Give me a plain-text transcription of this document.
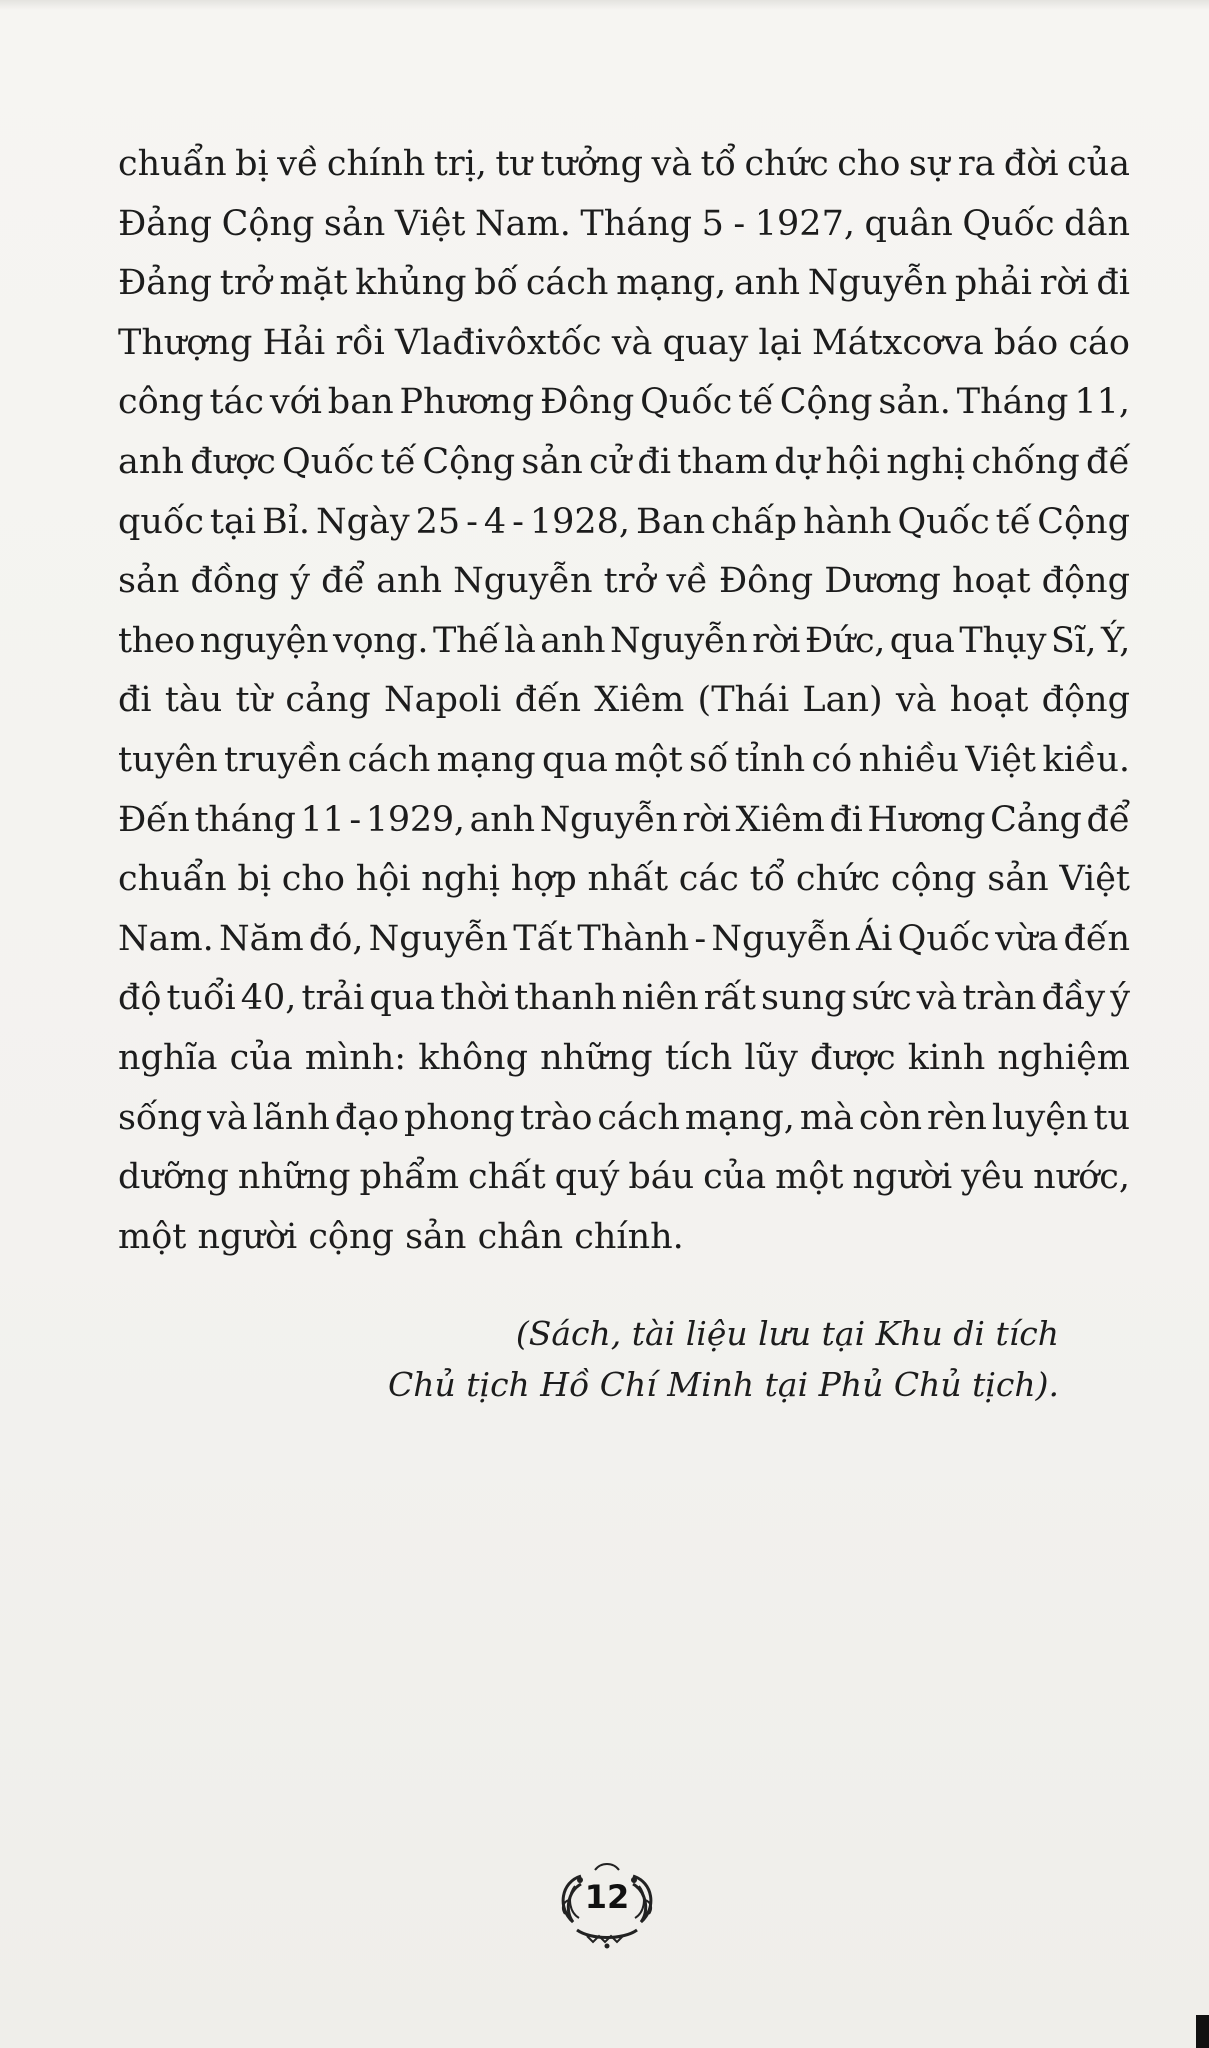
chuẩn bị về chính trị, tư tưởng và tổ chức cho sự ra đời của
Đảng Cộng sản Việt Nam. Tháng 5 - 1927, quân Quốc dân
Đảng trở mặt khủng bố cách mạng, anh Nguyễn phải rời đi
Thượng Hải rồi Vlađivôxtốc và quay lại Mátxcơva báo cáo
công tác với ban Phương Đông Quốc tế Cộng sản. Tháng 11,
anh được Quốc tế Cộng sản cử đi tham dự hội nghị chống đế
quốc tại Bỉ. Ngày 25 - 4 - 1928, Ban chấp hành Quốc tế Cộng
sản đồng ý để anh Nguyễn trở về Đông Dương hoạt động
theo nguyện vọng. Thế là anh Nguyễn rời Đức, qua Thụy Sĩ, Ý,
đi tàu từ cảng Napoli đến Xiêm (Thái Lan) và hoạt động
tuyên truyền cách mạng qua một số tỉnh có nhiều Việt kiều.
Đến tháng 11 - 1929, anh Nguyễn rời Xiêm đi Hương Cảng để
chuẩn bị cho hội nghị hợp nhất các tổ chức cộng sản Việt
Nam. Năm đó, Nguyễn Tất Thành - Nguyễn Ái Quốc vừa đến
độ tuổi 40, trải qua thời thanh niên rất sung sức và tràn đầy ý
nghĩa của mình: không những tích lũy được kinh nghiệm
sống và lãnh đạo phong trào cách mạng, mà còn rèn luyện tu
dưỡng những phẩm chất quý báu của một người yêu nước,
một người cộng sản chân chính.
(Sách, tài liệu lưu tại Khu di tích
Chủ tịch Hồ Chí Minh tại Phủ Chủ tịch).
12
